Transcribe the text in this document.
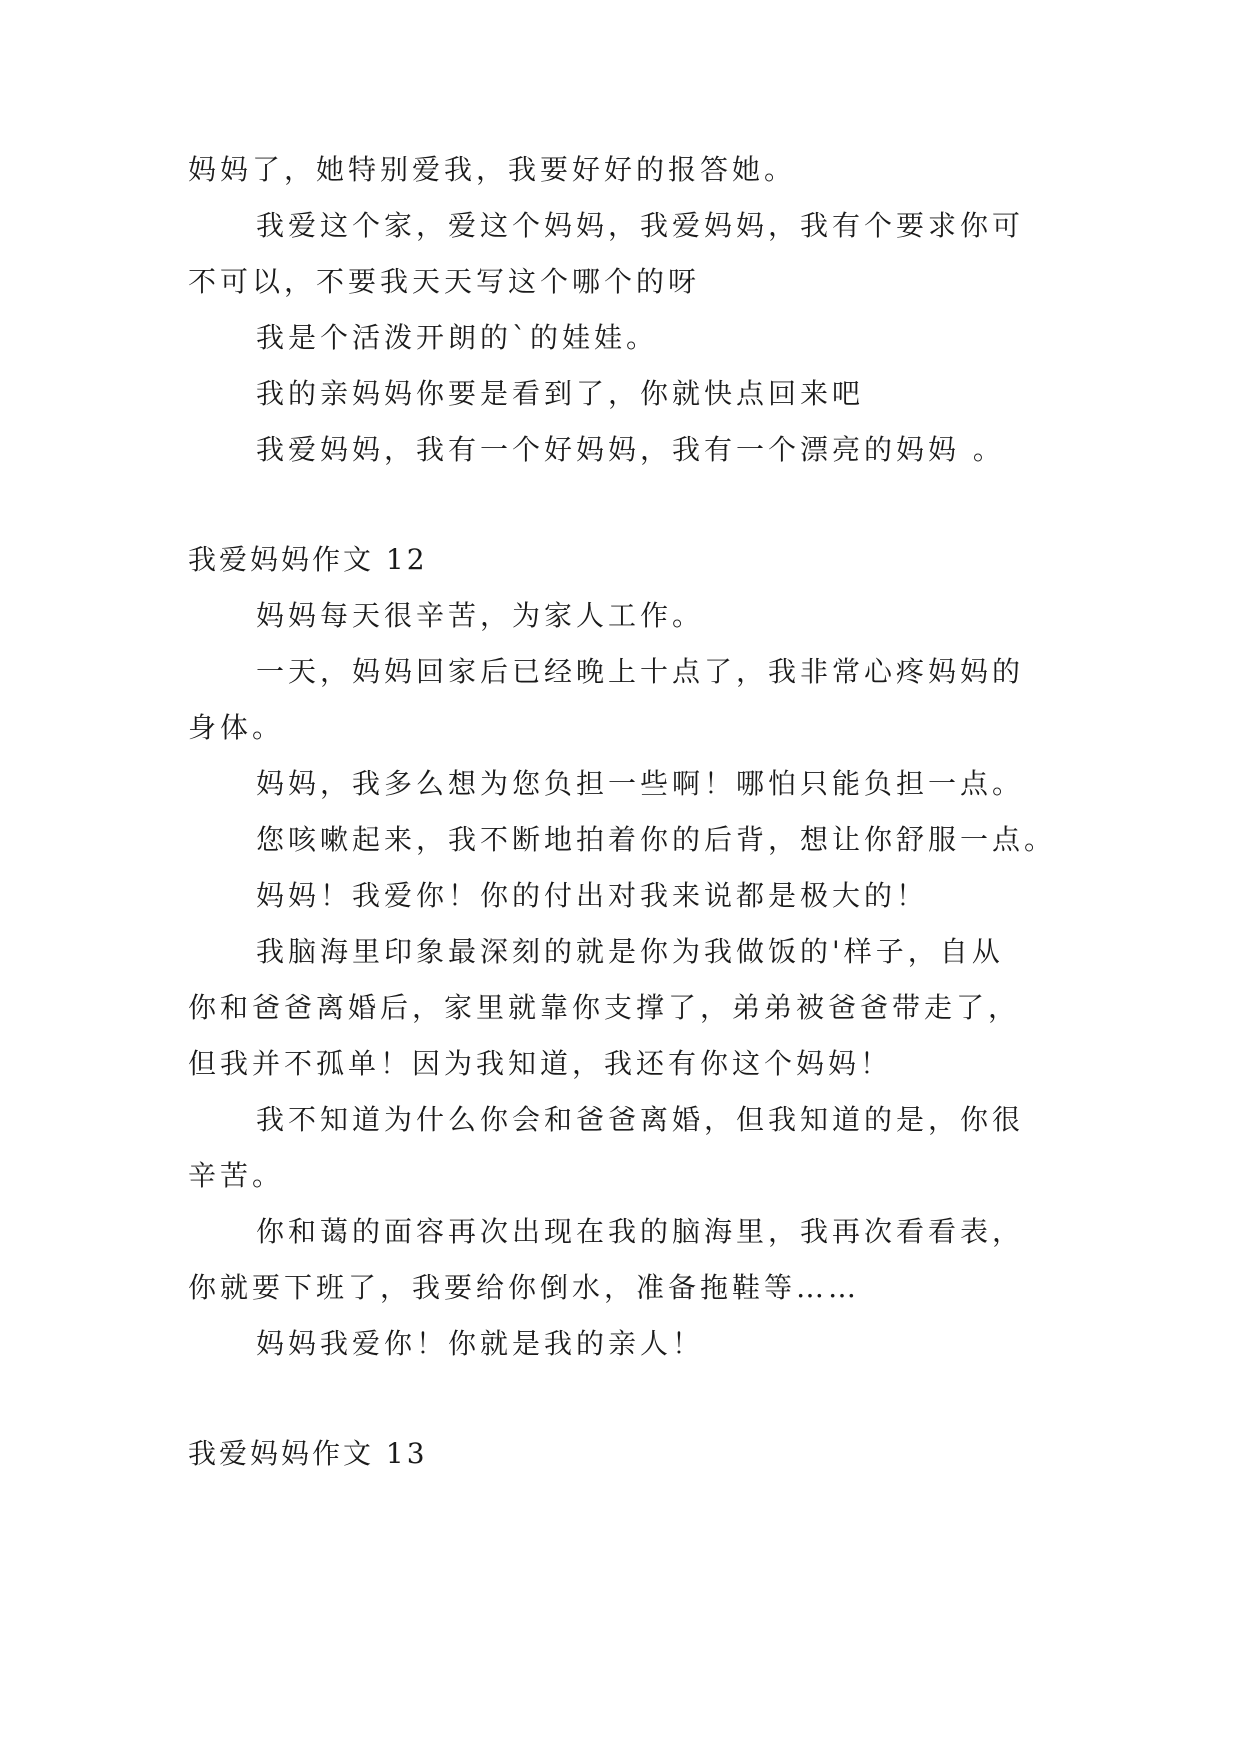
妈妈了，她特别爱我，我要好好的报答她。
我爱这个家，爱这个妈妈，我爱妈妈，我有个要求你可
不可以，不要我天天写这个哪个的呀
我是个活泼开朗的`的娃娃。
我的亲妈妈你要是看到了，你就快点回来吧
我爱妈妈，我有一个好妈妈，我有一个漂亮的妈妈 。
我爱妈妈作文 12
妈妈每天很辛苦，为家人工作。
一天，妈妈回家后已经晚上十点了，我非常心疼妈妈的
身体。
妈妈，我多么想为您负担一些啊！哪怕只能负担一点。
您咳嗽起来，我不断地拍着你的后背，想让你舒服一点。
妈妈！我爱你！你的付出对我来说都是极大的！
我脑海里印象最深刻的就是你为我做饭的'样子，自从
你和爸爸离婚后，家里就靠你支撑了，弟弟被爸爸带走了，
但我并不孤单！因为我知道，我还有你这个妈妈！
我不知道为什么你会和爸爸离婚，但我知道的是，你很
辛苦。
你和蔼的面容再次出现在我的脑海里，我再次看看表，
你就要下班了，我要给你倒水，准备拖鞋等……
妈妈我爱你！你就是我的亲人！
我爱妈妈作文 13
